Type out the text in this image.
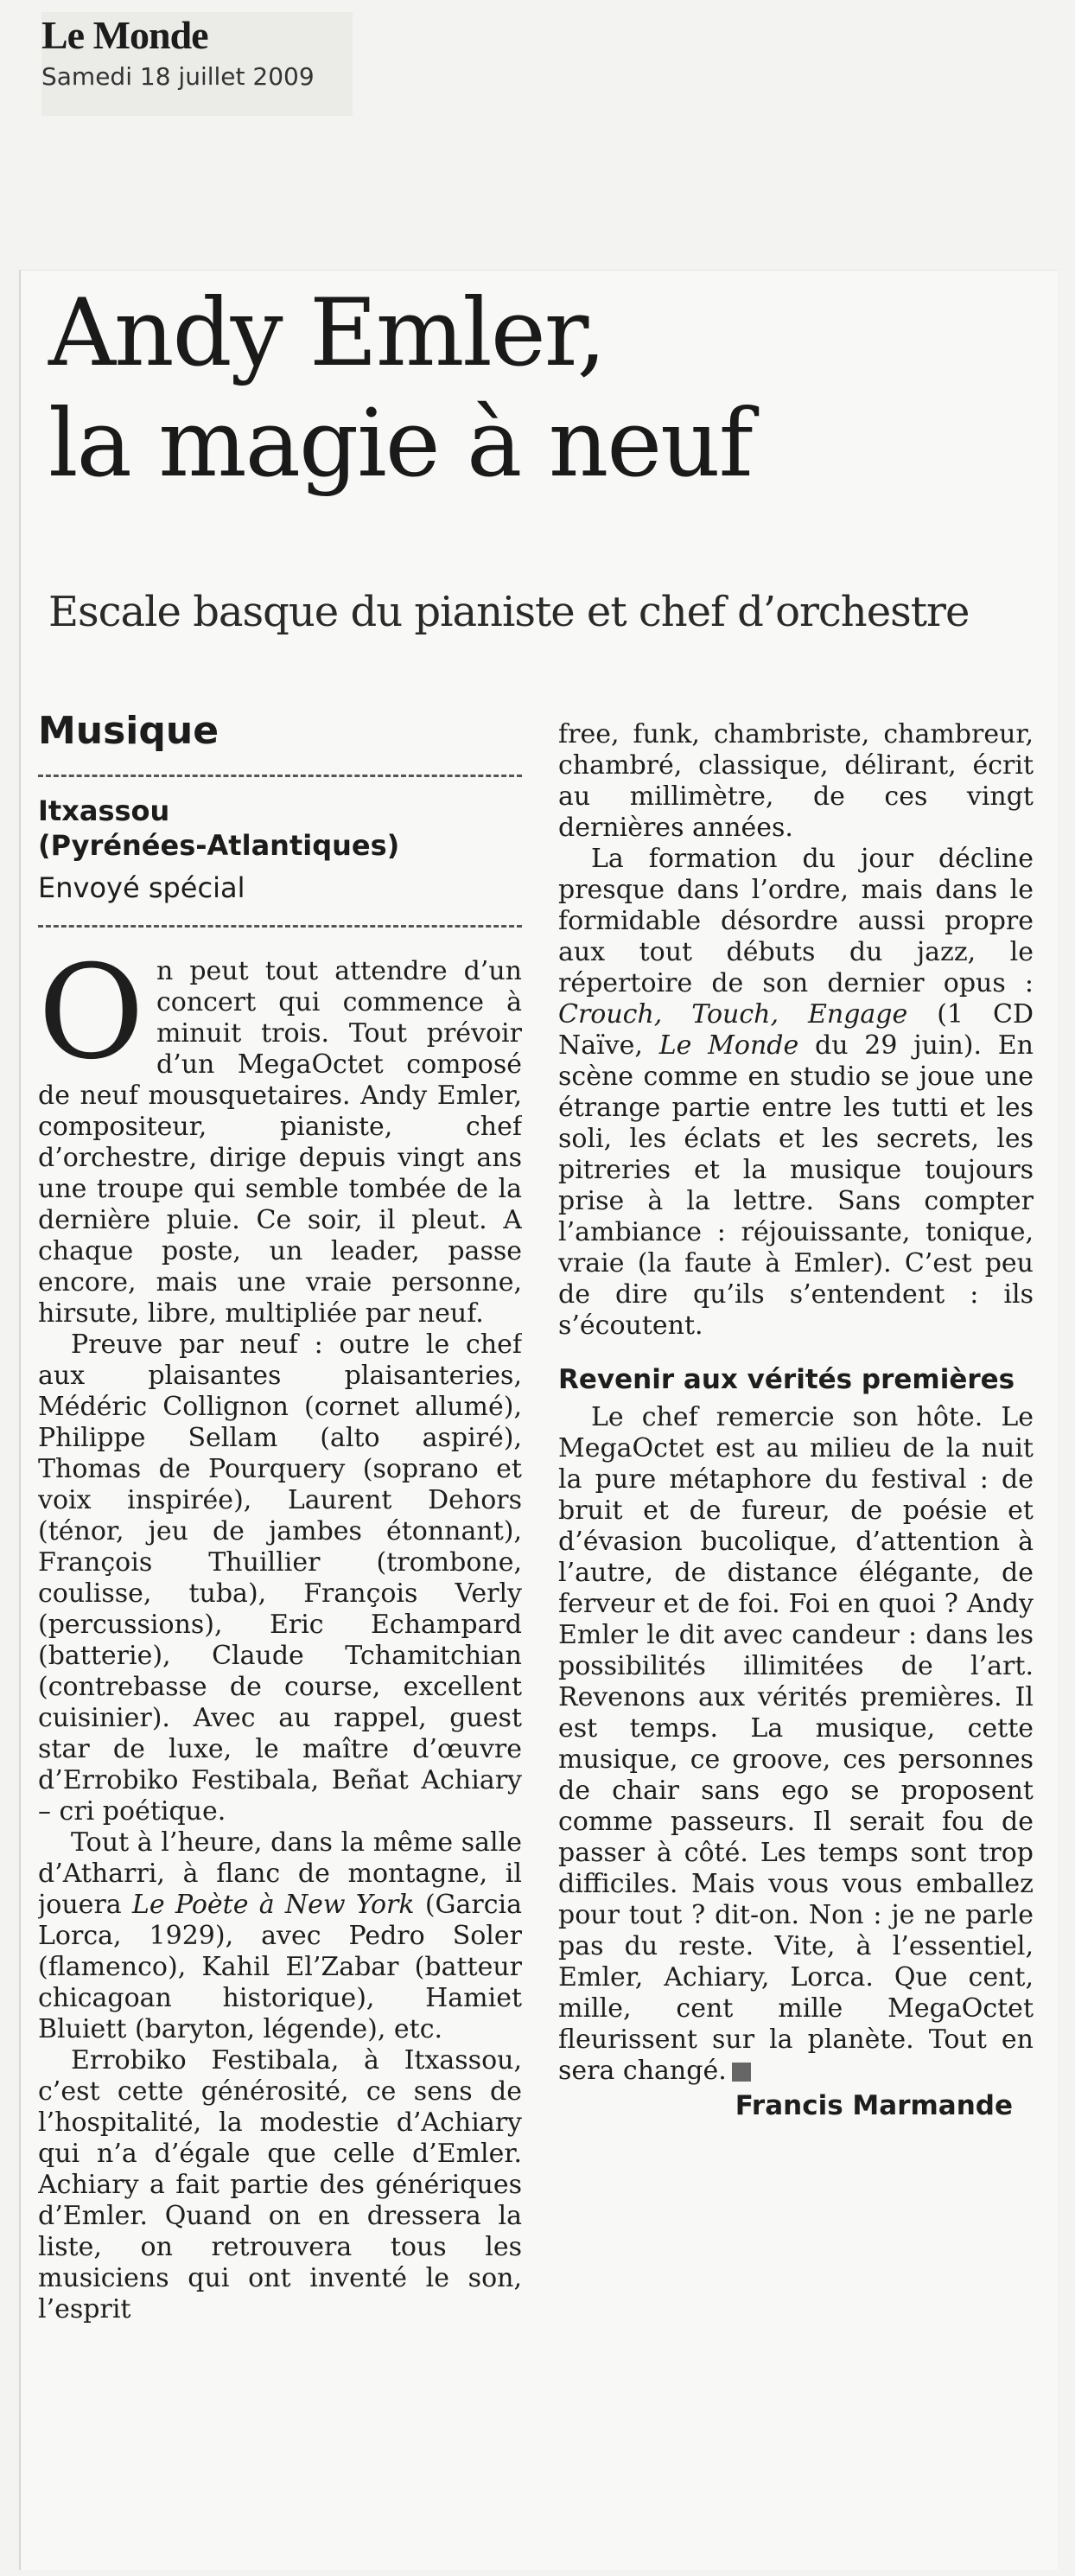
Le Monde
Samedi 18 juillet 2009
Andy Emler,
la magie à neuf
Escale basque du pianiste et chef d’orchestre
Musique
Itxassou
(Pyrénées-Atlantiques)
Envoyé spécial

On peut tout attendre d’un concert qui commence à minuit trois. Tout prévoir d’un MegaOctet composé de neuf mousquetaires. Andy Emler, compositeur, pianiste, chef d’orchestre, dirige depuis vingt ans une troupe qui semble tombée de la dernière pluie. Ce soir, il pleut. A chaque poste, un leader, passe encore, mais une vraie personne, hirsute, libre, multipliée par neuf.

Preuve par neuf : outre le chef aux plaisantes plaisanteries, Médéric Collignon (cornet allumé), Philippe Sellam (alto aspiré), Thomas de Pourquery (soprano et voix inspirée), Laurent Dehors (ténor, jeu de jambes étonnant), François Thuillier (trombone, coulisse, tuba), François Verly (percussions), Eric Echampard (batterie), Claude Tchamitchian (contrebasse de course, excellent cuisinier). Avec au rappel, guest star de luxe, le maître d’œuvre d’Errobiko Festibala, Beñat Achiary – cri poétique.

Tout à l’heure, dans la même salle d’Atharri, à flanc de montagne, il jouera Le Poète à New York (Garcia Lorca, 1929), avec Pedro Soler (flamenco), Kahil El’Zabar (batteur chicagoan historique), Hamiet Bluiett (baryton, légende), etc.

Errobiko Festibala, à Itxassou, c’est cette générosité, ce sens de l’hospitalité, la modestie d’Achiary qui n’a d’égale que celle d’Emler. Achiary a fait partie des génériques d’Emler. Quand on en dressera la liste, on retrouvera tous les musiciens qui ont inventé le son, l’esprit

free, funk, chambriste, chambreur, chambré, classique, délirant, écrit au millimètre, de ces vingt dernières années.

La formation du jour décline presque dans l’ordre, mais dans le formidable désordre aussi propre aux tout débuts du jazz, le répertoire de son dernier opus : Crouch, Touch, Engage (1 CD Naïve, Le Monde du 29 juin). En scène comme en studio se joue une étrange partie entre les tutti et les soli, les éclats et les secrets, les pitreries et la musique toujours prise à la lettre. Sans compter l’ambiance : réjouissante, tonique, vraie (la faute à Emler). C’est peu de dire qu’ils s’entendent : ils s’écoutent.

Revenir aux vérités premières

Le chef remercie son hôte. Le MegaOctet est au milieu de la nuit la pure métaphore du festival : de bruit et de fureur, de poésie et d’évasion bucolique, d’attention à l’autre, de distance élégante, de ferveur et de foi. Foi en quoi ? Andy Emler le dit avec candeur : dans les possibilités illimitées de l’art. Revenons aux vérités premières. Il est temps. La musique, cette musique, ce groove, ces personnes de chair sans ego se proposent comme passeurs. Il serait fou de passer à côté. Les temps sont trop difficiles. Mais vous vous emballez pour tout ? dit-on. Non : je ne parle pas du reste. Vite, à l’essentiel, Emler, Achiary, Lorca. Que cent, mille, cent mille MegaOctet fleurissent sur la planète. Tout en sera changé.

Francis Marmande
